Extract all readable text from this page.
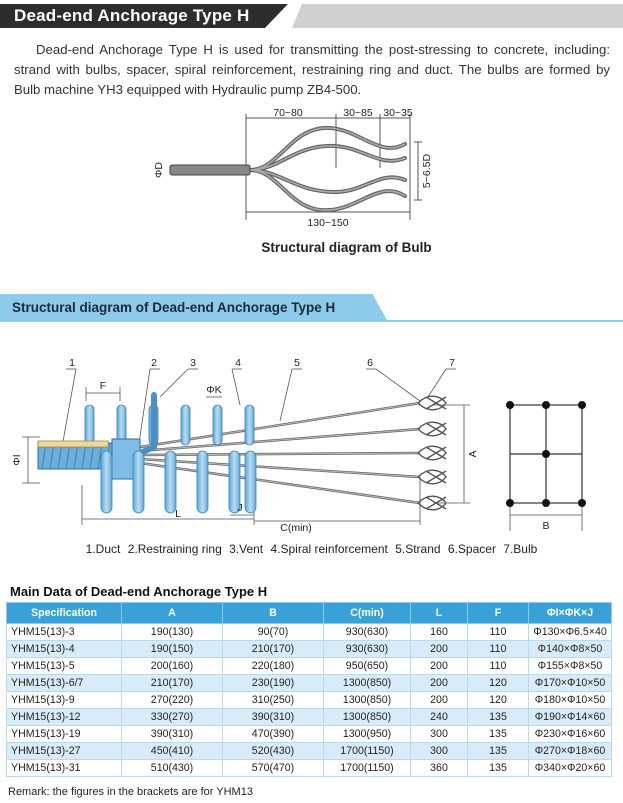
Dead-end Anchorage Type H
Dead-end Anchorage Type H is used for transmitting the post-stressing to concrete, including: strand with bulbs, spacer, spiral reinforcement, restraining ring and duct. The bulbs are formed by Bulb machine YH3 equipped with Hydraulic pump ZB4-500.
70~80	30~85 30~35
ΦD	5~6.5D
130~150
Structural diagram of Bulb
Structural diagram of Dead-end Anchorage Type H
1	2	3	4	5	6	7
F	ΦK
ΦI
A
B
L	J
C(min)
1.Duct 2.Restraining ring 3.Vent 4.Spiral reinforcement 5.Strand 6.Spacer 7.Bulb
Main Data of Dead-end Anchorage Type H
Specification	A	B	C(min)	L	F	ΦI×ΦK×J
YHM15(13)-3	190(130)	90(70)	930(630)	160	110	Φ130×Φ6.5×40
YHM15(13)-4	190(150)	210(170)	930(630)	200	110	Φ140×Φ8×50
YHM15(13)-5	200(160)	220(180)	950(650)	200	110	Φ155×Φ8×50
YHM15(13)-6/7	210(170)	230(190)	1300(850)	200	120	Φ170×Φ10×50
YHM15(13)-9	270(220)	310(250)	1300(850)	200	120	Φ180×Φ10×50
YHM15(13)-12	330(270)	390(310)	1300(850)	240	135	Φ190×Φ14×60
YHM15(13)-19	390(310)	470(390)	1300(950)	300	135	Φ230×Φ16×60
YHM15(13)-27	450(410)	520(430)	1700(1150)	300	135	Φ270×Φ18×60
YHM15(13)-31	510(430)	570(470)	1700(1150)	360	135	Φ340×Φ20×60
Remark: the figures in the brackets are for YHM13
